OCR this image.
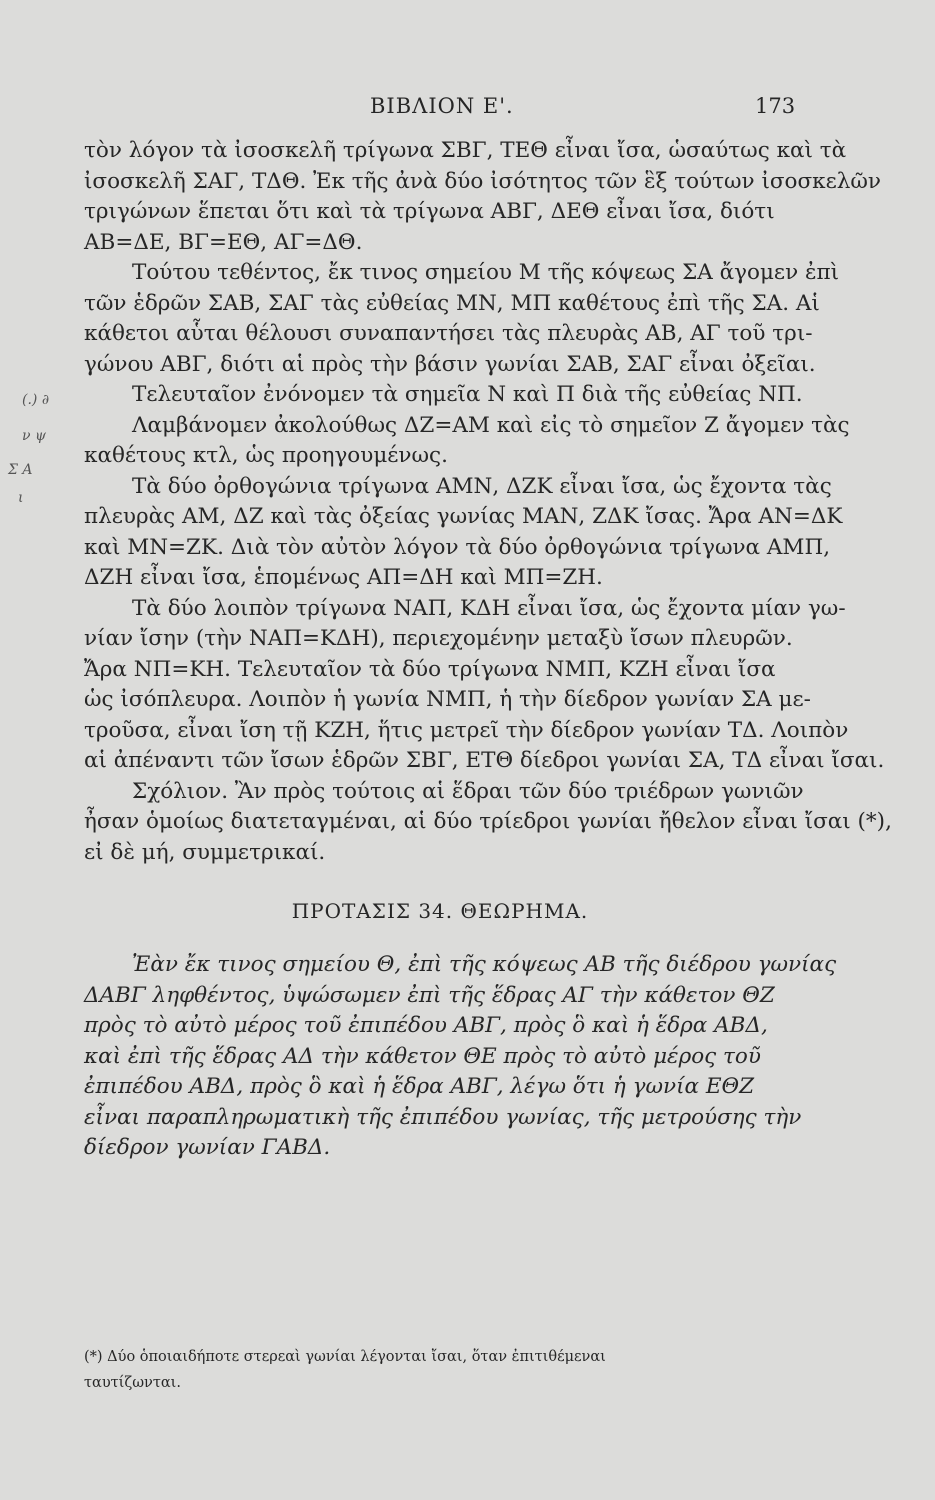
ΒΙΒΛΙΟΝ Ε'.	173
τὸν λόγον τὰ ἰσοσκελῆ τρίγωνα ΣΒΓ, ΤΕΘ εἶναι ἴσα, ὡσαύτως καὶ τὰ
ἰσοσκελῆ ΣΑΓ, ΤΔΘ. Ἐκ τῆς ἀνὰ δύο ἰσότητος τῶν ἓξ τούτων ἰσοσκελῶν
τριγώνων ἕπεται ὅτι καὶ τὰ τρίγωνα ΑΒΓ, ΔΕΘ εἶναι ἴσα, διότι
ΑΒ=ΔΕ, ΒΓ=ΕΘ, ΑΓ=ΔΘ.
Τούτου τεθέντος, ἔκ τινος σημείου Μ τῆς κόψεως ΣΑ ἄγομεν ἐπὶ
τῶν ἑδρῶν ΣΑΒ, ΣΑΓ τὰς εὐθείας ΜΝ, ΜΠ καθέτους ἐπὶ τῆς ΣΑ. Αἱ
κάθετοι αὗται θέλουσι συναπαντήσει τὰς πλευρὰς ΑΒ, ΑΓ τοῦ τρι-
γώνου ΑΒΓ, διότι αἱ πρὸς τὴν βάσιν γωνίαι ΣΑΒ, ΣΑΓ εἶναι ὀξεῖαι.
Τελευταῖον ἐνόνομεν τὰ σημεῖα Ν καὶ Π διὰ τῆς εὐθείας ΝΠ.
Λαμβάνομεν ἀκολούθως ΔΖ=ΑΜ καὶ εἰς τὸ σημεῖον Ζ ἄγομεν τὰς
καθέτους κτλ, ὡς προηγουμένως.
Τὰ δύο ὀρθογώνια τρίγωνα ΑΜΝ, ΔΖΚ εἶναι ἴσα, ὡς ἔχοντα τὰς
πλευρὰς ΑΜ, ΔΖ καὶ τὰς ὀξείας γωνίας ΜΑΝ, ΖΔΚ ἴσας. Ἄρα ΑΝ=ΔΚ
καὶ ΜΝ=ΖΚ. Διὰ τὸν αὐτὸν λόγον τὰ δύο ὀρθογώνια τρίγωνα ΑΜΠ,
ΔΖΗ εἶναι ἴσα, ἑπομένως ΑΠ=ΔΗ καὶ ΜΠ=ΖΗ.
Τὰ δύο λοιπὸν τρίγωνα ΝΑΠ, ΚΔΗ εἶναι ἴσα, ὡς ἔχοντα μίαν γω-
νίαν ἴσην (τὴν ΝΑΠ=ΚΔΗ), περιεχομένην μεταξὺ ἴσων πλευρῶν.
Ἄρα ΝΠ=ΚΗ. Τελευταῖον τὰ δύο τρίγωνα ΝΜΠ, ΚΖΗ εἶναι ἴσα
ὡς ἰσόπλευρα. Λοιπὸν ἡ γωνία ΝΜΠ, ἡ τὴν δίεδρον γωνίαν ΣΑ με-
τροῦσα, εἶναι ἴση τῇ ΚΖΗ, ἥτις μετρεῖ τὴν δίεδρον γωνίαν ΤΔ. Λοιπὸν
αἱ ἀπέναντι τῶν ἴσων ἑδρῶν ΣΒΓ, ΕΤΘ δίεδροι γωνίαι ΣΑ, ΤΔ εἶναι ἴσαι.
Σχόλιον. Ἂν πρὸς τούτοις αἱ ἕδραι τῶν δύο τριέδρων γωνιῶν
ἦσαν ὁμοίως διατεταγμέναι, αἱ δύο τρίεδροι γωνίαι ἤθελον εἶναι ἴσαι (*),
εἰ δὲ μή, συμμετρικαί.
ΠΡΟΤΑΣΙΣ 34. ΘΕΩΡΗΜΑ.
Ἐὰν ἔκ τινος σημείου Θ, ἐπὶ τῆς κόψεως ΑΒ τῆς διέδρου γωνίας
ΔΑΒΓ ληφθέντος, ὑψώσωμεν ἐπὶ τῆς ἕδρας ΑΓ τὴν κάθετον ΘΖ
πρὸς τὸ αὐτὸ μέρος τοῦ ἐπιπέδου ΑΒΓ, πρὸς ὃ καὶ ἡ ἕδρα ΑΒΔ,
καὶ ἐπὶ τῆς ἕδρας ΑΔ τὴν κάθετον ΘΕ πρὸς τὸ αὐτὸ μέρος τοῦ
ἐπιπέδου ΑΒΔ, πρὸς ὃ καὶ ἡ ἕδρα ΑΒΓ, λέγω ὅτι ἡ γωνία ΕΘΖ
εἶναι παραπληρωματικὴ τῆς ἐπιπέδου γωνίας, τῆς μετρούσης τὴν
δίεδρον γωνίαν ΓΑΒΔ.
(*) Δύο ὁποιαιδήποτε στερεαὶ γωνίαι λέγονται ἴσαι, ὅταν ἐπιτιθέμεναι
ταυτίζωνται.
(.) ∂
ν ψ
Σ Α
ι
